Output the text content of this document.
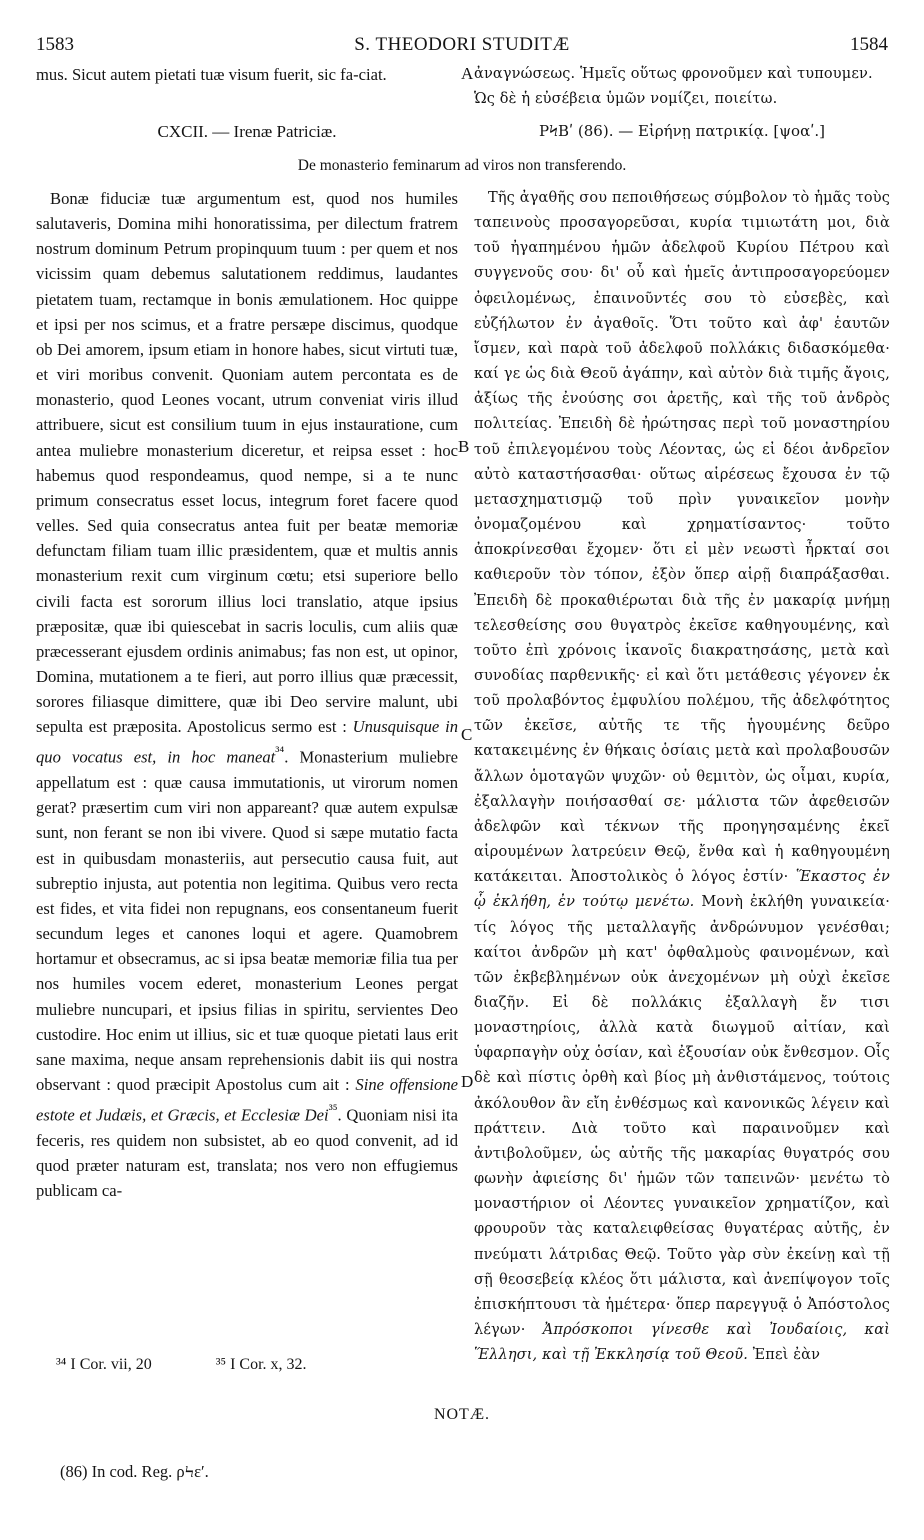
1583	S. THEODORI STUDITÆ	1584

mus. Sicut autem pietati tuæ visum fuerit, sic fa-ciat.	ἀναγνώσεως. Ἡμεῖς οὕτως φρονοῦμεν καὶ τυπουμεν.
Ὡς δὲ ἡ εὐσέβεια ὑμῶν νομίζει, ποιείτω.
A
CXCII. — Irenæ Patriciæ.	ΡϞΒʹ (86). — Εἰρήνῃ πατρικίᾳ. [ψοαʹ.]
De monasterio feminarum ad viros non transferendo.

Bonæ fiduciæ tuæ argumentum est, quod nos humiles salutaveris, Domina mihi honoratissima, per dilectum fratrem nostrum dominum Petrum propinquum tuum : per quem et nos vicissim quam debemus salutationem reddimus, laudantes pietatem tuam, rectamque in bonis æmulationem. Hoc quippe et ipsi per nos scimus, et a fratre persæpe discimus, quodque ob Dei amorem, ipsum etiam in honore habes, sicut virtuti tuæ, et viri moribus convenit. Quoniam autem percontata es de monasterio, quod Leones vocant, utrum conveniat viris illud attribuere, sicut est consilium tuum in ejus instauratione, cum antea muliebre monasterium diceretur, et reipsa esset : hoc habemus quod respondeamus, quod nempe, si a te nunc primum consecratus esset locus, integrum foret facere quod velles. Sed quia consecratus antea fuit per beatæ memoriæ defunctam filiam tuam illic præsidentem, quæ et multis annis monasterium rexit cum virginum cœtu; etsi superiore bello civili facta est sororum illius loci translatio, atque ipsius præpositæ, quæ ibi quiescebat in sacris loculis, cum aliis quæ præcesserant ejusdem ordinis animabus; fas non est, ut opinor, Domina, mutationem a te fieri, aut porro illius quæ præcessit, sorores filiasque dimittere, quæ ibi Deo servire malunt, ubi sepulta est præposita. Apostolicus sermo est : Unusquisque in quo vocatus est, in hoc maneat$^{^{34}}$. Monasterium muliebre appellatum est : quæ causa immutationis, ut virorum nomen gerat? præsertim cum viri non appareant? quæ autem expulsæ sunt, non ferant se non ibi vivere. Quod si sæpe mutatio facta est in quibusdam monasteriis, aut persecutio causa fuit, aut subreptio injusta, aut potentia non legitima. Quibus vero recta est fides, et vita fidei non repugnans, eos consentaneum fuerit secundum leges et canones loqui et agere. Quamobrem hortamur et obsecramus, ac si ipsa beatæ memoriæ filia tua per nos humiles vocem ederet, monasterium Leones pergat muliebre nuncupari, et ipsius filias in spiritu, servientes Deo custodire. Hoc enim ut illius, sic et tuæ quoque pietati laus erit sane maxima, neque ansam reprehensionis dabit iis qui nostra observant : quod præcipit Apostolus cum ait : Sine offensione estote et Judæis, et Græcis, et Ecclesiæ Dei$^{^{35}}$. Quoniam nisi ita feceris, res quidem non subsistet, ab eo quod convenit, ad id quod præter naturam est, translata; nos vero non effugiemus publicam ca-

Τῆς ἀγαθῆς σου πεποιθήσεως σύμβολον τὸ ἡμᾶς τοὺς ταπεινοὺς προσαγορεῦσαι, κυρία τιμιωτάτη μοι, διὰ τοῦ ἠγαπημένου ἡμῶν ἀδελφοῦ Κυρίου Πέτρου καὶ συγγενοῦς σου· δι' οὗ καὶ ἡμεῖς ἀντιπροσαγορεύομεν ὀφειλομένως, ἐπαινοῦντές σου τὸ εὐσεβὲς, καὶ εὐζήλωτον ἐν ἀγαθοῖς. Ὅτι τοῦτο καὶ ἀφ' ἑαυτῶν ἴσμεν, καὶ παρὰ τοῦ ἀδελφοῦ πολλάκις διδασκόμεθα· καί γε ὡς διὰ Θεοῦ ἀγάπην, καὶ αὐτὸν διὰ τιμῆς ἄγοις, ἀξίως τῆς ἐνούσης σοι ἀρετῆς, καὶ τῆς τοῦ ἀνδρὸς πολιτείας. Ἐπειδὴ δὲ ἠρώτησας περὶ τοῦ μοναστηρίου τοῦ ἐπιλεγομένου τοὺς Λέοντας, ὡς εἰ δέοι ἀνδρεῖον αὐτὸ καταστήσασθαι· οὕτως αἱρέσεως ἔχουσα ἐν τῷ μετασχηματισμῷ τοῦ πρὶν γυναικεῖον μονὴν ὀνομαζομένου καὶ χρηματίσαντος· τοῦτο ἀποκρίνεσθαι ἔχομεν· ὅτι εἰ μὲν νεωστὶ ἦρκταί σοι καθιεροῦν τὸν τόπον, ἐξὸν ὅπερ αἱρῇ διαπράξασθαι. Ἐπειδὴ δὲ προκαθιέρωται διὰ τῆς ἐν μακαρίᾳ μνήμῃ τελεσθείσης σου θυγατρὸς ἐκεῖσε καθηγουμένης, καὶ τοῦτο ἐπὶ χρόνοις ἱκανοῖς διακρατησάσης, μετὰ καὶ συνοδίας παρθενικῆς· εἰ καὶ ὅτι μετάθεσις γέγονεν ἐκ τοῦ προλαβόντος ἐμφυλίου πολέμου, τῆς ἀδελφότητος τῶν ἐκεῖσε, αὐτῆς τε τῆς ἡγουμένης δεῦρο κατακειμένης ἐν θήκαις ὁσίαις μετὰ καὶ προλαβουσῶν ἄλλων ὁμοταγῶν ψυχῶν· οὐ θεμιτὸν, ὡς οἶμαι, κυρία, ἐξαλλαγὴν ποιήσασθαί σε· μάλιστα τῶν ἀφεθεισῶν ἀδελφῶν καὶ τέκνων τῆς προηγησαμένης ἐκεῖ αἱρουμένων λατρεύειν Θεῷ, ἔνθα καὶ ἡ καθηγουμένη κατάκειται. Ἀποστολικὸς ὁ λόγος ἐστίν· Ἕκαστος ἐν ᾧ ἐκλήθη, ἐν τούτῳ μενέτω. Μονὴ ἐκλήθη γυναικεία· τίς λόγος τῆς μεταλλαγῆς ἀνδρώνυμον γενέσθαι; καίτοι ἀνδρῶν μὴ κατ' ὀφθαλμοὺς φαινομένων, καὶ τῶν ἐκβεβλημένων οὐκ ἀνεχομένων μὴ οὐχὶ ἐκεῖσε διαζῆν. Εἰ δὲ πολλάκις ἐξαλλαγὴ ἔν τισι μοναστηρίοις, ἀλλὰ κατὰ διωγμοῦ αἰτίαν, καὶ ὑφαρπαγὴν οὐχ ὁσίαν, καὶ ἐξουσίαν οὐκ ἔνθεσμον. Οἷς δὲ καὶ πίστις ὀρθὴ καὶ βίος μὴ ἀνθιστάμενος, τούτοις ἀκόλουθον ἂν εἴη ἐνθέσμως καὶ κανονικῶς λέγειν καὶ πράττειν. Διὰ τοῦτο καὶ παραινοῦμεν καὶ ἀντιβολοῦμεν, ὡς αὐτῆς τῆς μακαρίας θυγατρός σου φωνὴν ἀφιείσης δι' ἡμῶν τῶν ταπεινῶν· μενέτω τὸ μοναστήριον οἱ Λέοντες γυναικεῖον χρηματίζον, καὶ φρουροῦν τὰς καταλειφθείσας θυγατέρας αὐτῆς, ἐν πνεύματι λάτριδας Θεῷ. Τοῦτο γὰρ σὺν ἐκείνῃ καὶ τῇ σῇ θεοσεβείᾳ κλέος ὅτι μάλιστα, καὶ ἀνεπίψογον τοῖς ἐπισκήπτουσι τὰ ἡμέτερα· ὅπερ παρεγγυᾷ ὁ Ἀπόστολος λέγων· Ἀπρόσκοποι γίνεσθε καὶ Ἰουδαίοις, καὶ Ἕλλησι, καὶ τῇ Ἐκκλησίᾳ τοῦ Θεοῦ. Ἐπεὶ ἐὰν

B
C
D
³⁴ I Cor. vii, 20	³⁵ I Cor. x, 32.
NOTÆ.
(86) In cod. Reg. ρϞεʹ.
